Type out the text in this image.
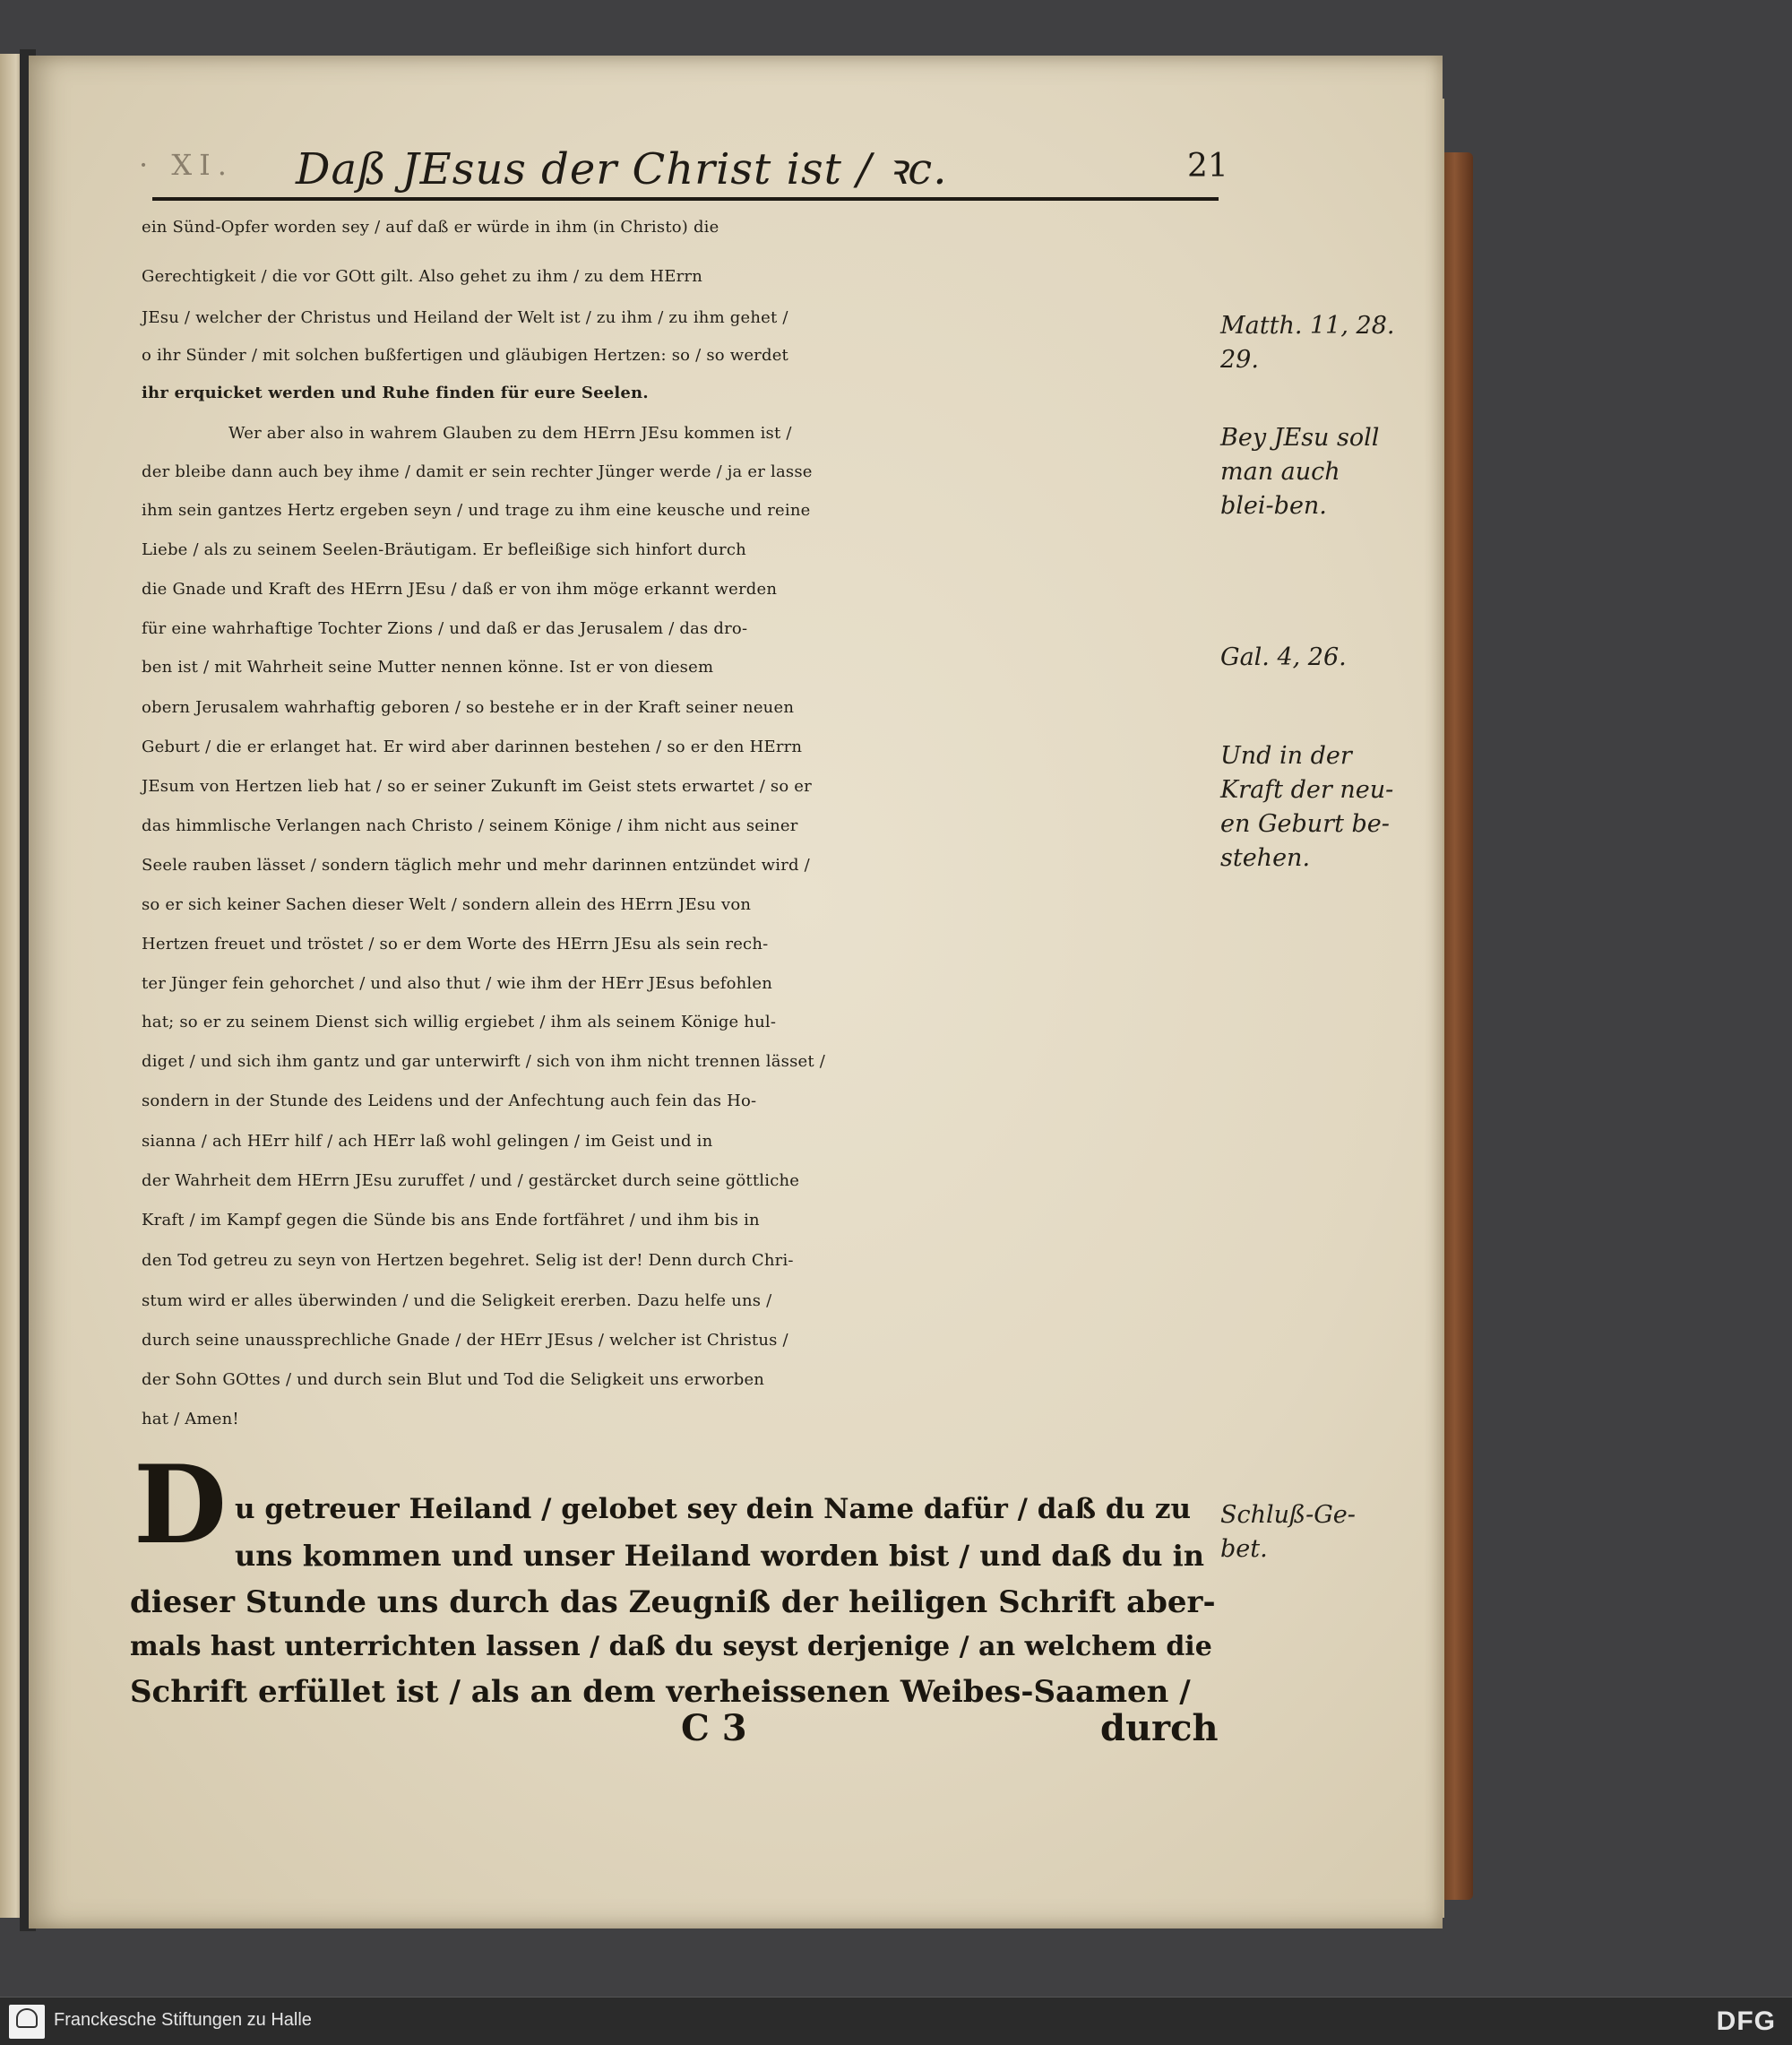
· XI. Daß JEsus der Christ ist / ꝛc.	21
ein Sünd-Opfer worden sey / auf daß er würde in ihm (in Christo) die
Gerechtigkeit / die vor GOtt gilt. Also gehet zu ihm / zu dem HErrn
JEsu / welcher der Christus und Heiland der Welt ist / zu ihm / zu ihm gehet /
o ihr Sünder / mit solchen bußfertigen und gläubigen Hertzen: so / so werdet
ihr erquicket werden und Ruhe finden für eure Seelen.
Wer aber also in wahrem Glauben zu dem HErrn JEsu kommen ist /
der bleibe dann auch bey ihme / damit er sein rechter Jünger werde / ja er lasse
ihm sein gantzes Hertz ergeben seyn / und trage zu ihm eine keusche und reine
Liebe / als zu seinem Seelen-Bräutigam. Er befleißige sich hinfort durch
die Gnade und Kraft des HErrn JEsu / daß er von ihm möge erkannt werden
für eine wahrhaftige Tochter Zions / und daß er das Jerusalem / das dro-
ben ist / mit Wahrheit seine Mutter nennen könne. Ist er von diesem
obern Jerusalem wahrhaftig geboren / so bestehe er in der Kraft seiner neuen
Geburt / die er erlanget hat. Er wird aber darinnen bestehen / so er den HErrn
JEsum von Hertzen lieb hat / so er seiner Zukunft im Geist stets erwartet / so er
das himmlische Verlangen nach Christo / seinem Könige / ihm nicht aus seiner
Seele rauben lässet / sondern täglich mehr und mehr darinnen entzündet wird /
so er sich keiner Sachen dieser Welt / sondern allein des HErrn JEsu von
Hertzen freuet und tröstet / so er dem Worte des HErrn JEsu als sein rech-
ter Jünger fein gehorchet / und also thut / wie ihm der HErr JEsus befohlen
hat; so er zu seinem Dienst sich willig ergiebet / ihm als seinem Könige hul-
diget / und sich ihm gantz und gar unterwirft / sich von ihm nicht trennen lässet /
sondern in der Stunde des Leidens und der Anfechtung auch fein das Ho-
sianna / ach HErr hilf / ach HErr laß wohl gelingen / im Geist und in
der Wahrheit dem HErrn JEsu zuruffet / und / gestärcket durch seine göttliche
Kraft / im Kampf gegen die Sünde bis ans Ende fortfähret / und ihm bis in
den Tod getreu zu seyn von Hertzen begehret. Selig ist der! Denn durch Chri-
stum wird er alles überwinden / und die Seligkeit ererben. Dazu helfe uns /
durch seine unaussprechliche Gnade / der HErr JEsus / welcher ist Christus /
der Sohn GOttes / und durch sein Blut und Tod die Seligkeit uns erworben
hat / Amen!
Matth. 11, 28. 29.
Bey JEsu soll man auch blei-ben.
Gal. 4, 26.
Und in der Kraft der neu-en Geburt be-stehen.
Schluß-Ge-bet.
D u getreuer Heiland / gelobet sey dein Name dafür / daß du zu
uns kommen und unser Heiland worden bist / und daß du in
dieser Stunde uns durch das Zeugniß der heiligen Schrift aber-
mals hast unterrichten lassen / daß du seyst derjenige / an welchem die
Schrift erfüllet ist / als an dem verheissenen Weibes-Saamen /
C 3	durch
Franckesche Stiftungen zu Halle	DFG
